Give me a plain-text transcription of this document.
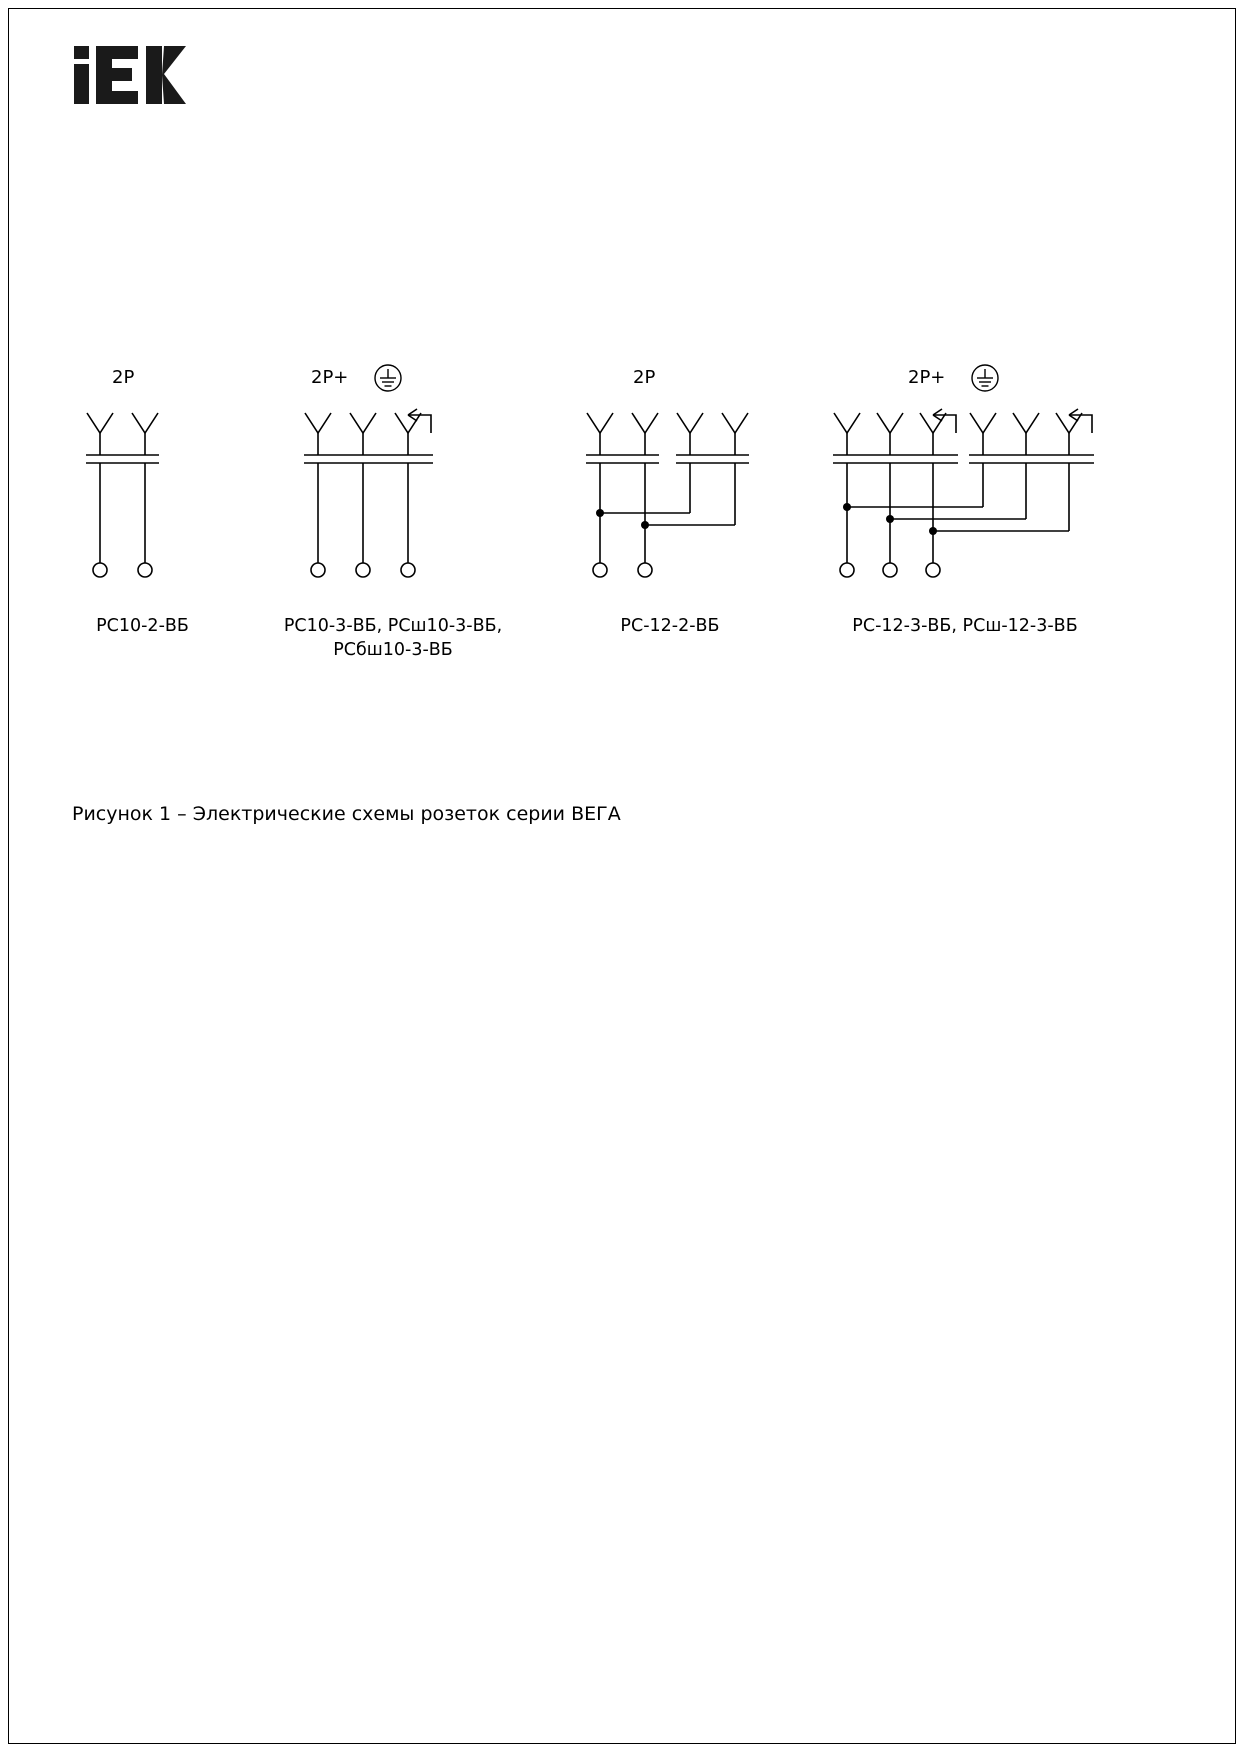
2P
РС10-2-ВБ
2P+
РС10-3-ВБ, РСш10-3-ВБ,
РСбш10-3-ВБ
2P
РС-12-2-ВБ
2P+
РС-12-3-ВБ, РСш-12-3-ВБ
Рисунок 1 – Электрические схемы розеток серии ВЕГА
